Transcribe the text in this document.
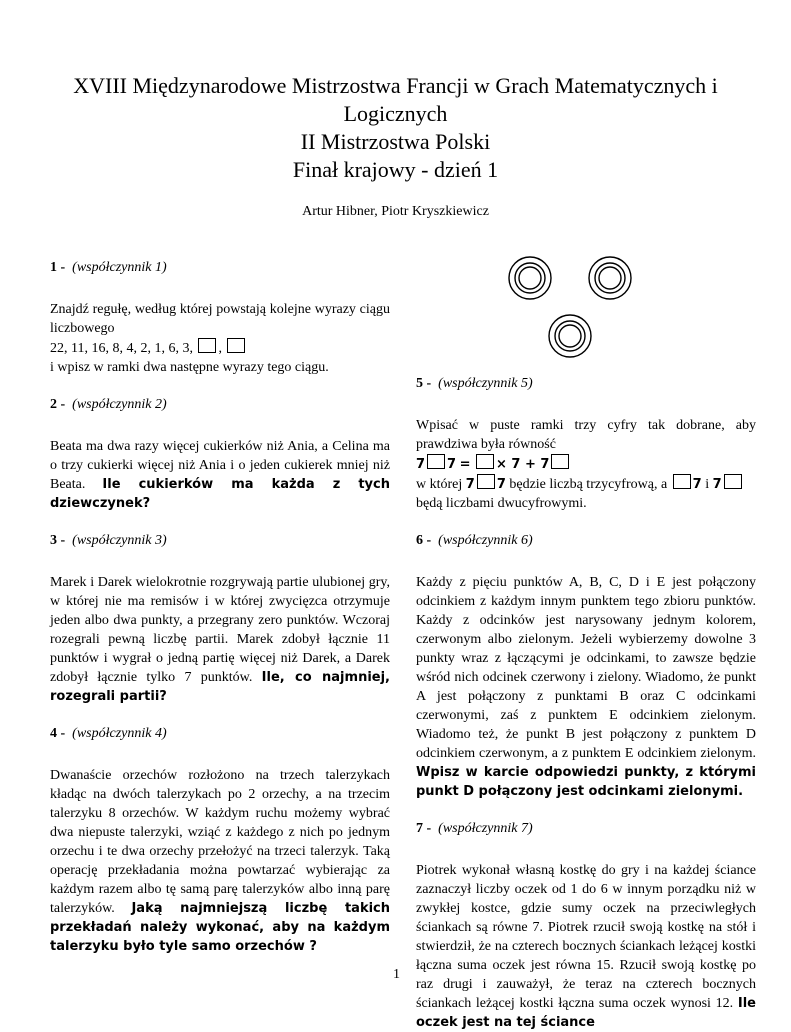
XVIII Międzynarodowe Mistrzostwa Francji w Grach Matematycznych i
Logicznych
II Mistrzostwa Polski
Finał krajowy - dzień 1
Artur Hibner, Piotr Kryszkiewicz

1 - (współczynnik 1)

Znajdź regułę, według której powstają kolejne wyrazy ciągu liczbowego
22, 11, 16, 8, 4, 2, 1, 6, 3, ,
i wpisz w ramki dwa następne wyrazy tego ciągu.

2 - (współczynnik 2)

Beata ma dwa razy więcej cukierków niż Ania, a Celina ma o trzy cukierki więcej niż Ania i o jeden cukierek mniej niż Beata. Ile cukierków ma każda z tych dziewczynek?

3 - (współczynnik 3)

Marek i Darek wielokrotnie rozgrywają partie ulubionej gry, w której nie ma remisów i w której zwycięzca otrzymuje jeden albo dwa punkty, a przegrany zero punktów. Wczoraj rozegrali pewną liczbę partii. Marek zdobył łącznie 11 punktów i wygrał o jedną partię więcej niż Darek, a Darek zdobył łącznie tylko 7 punktów. Ile, co najmniej, rozegrali partii?

4 - (współczynnik 4)

Dwanaście orzechów rozłożono na trzech talerzykach kładąc na dwóch talerzykach po 2 orzechy, a na trzecim talerzyku 8 orzechów. W każdym ruchu możemy wybrać dwa niepuste talerzyki, wziąć z każdego z nich po jednym orzechu i te dwa orzechy przełożyć na trzeci talerzyk. Taką operację przekładania można powtarzać wybierając za każdym razem albo tę samą parę talerzyków albo inną parę talerzyków. Jaką najmniejszą liczbę takich przekładań należy wykonać, aby na każdym talerzyku było tyle samo orzechów ?

5 - (współczynnik 5)

Wpisać w puste ramki trzy cyfry tak dobrane, aby prawdziwa była równość
7 7 = × 7 + 7
w której 7 7 będzie liczbą trzycyfrową, a 7 i 7
będą liczbami dwucyfrowymi.

6 - (współczynnik 6)

Każdy z pięciu punktów A, B, C, D i E jest połączony odcinkiem z każdym innym punktem tego zbioru punktów. Każdy z odcinków jest narysowany jednym kolorem, czerwonym albo zielonym. Jeżeli wybierzemy dowolne 3 punkty wraz z łączącymi je odcinkami, to zawsze będzie wśród nich odcinek czerwony i zielony. Wiadomo, że punkt A jest połączony z punktami B oraz C odcinkami czerwonymi, zaś z punktem E odcinkiem zielonym. Wiadomo też, że punkt B jest połączony z punktem D odcinkiem czerwonym, a z punktem E odcinkiem zielonym. Wpisz w karcie odpowiedzi punkty, z którymi punkt D połączony jest odcinkami zielonymi.

7 - (współczynnik 7)

Piotrek wykonał własną kostkę do gry i na każdej ściance zaznaczył liczby oczek od 1 do 6 w innym porządku niż w zwykłej kostce, gdzie sumy oczek na przeciwległych ściankach są równe 7. Piotrek rzucił swoją kostkę na stół i stwierdził, że na czterech bocznych ściankach leżącej kostki łączna suma oczek jest równa 15. Rzucił swoją kostkę po raz drugi i zauważył, że teraz na czterech bocznych ściankach leżącej kostki łączna suma oczek wynosi 12. Ile oczek jest na tej ściance

1
